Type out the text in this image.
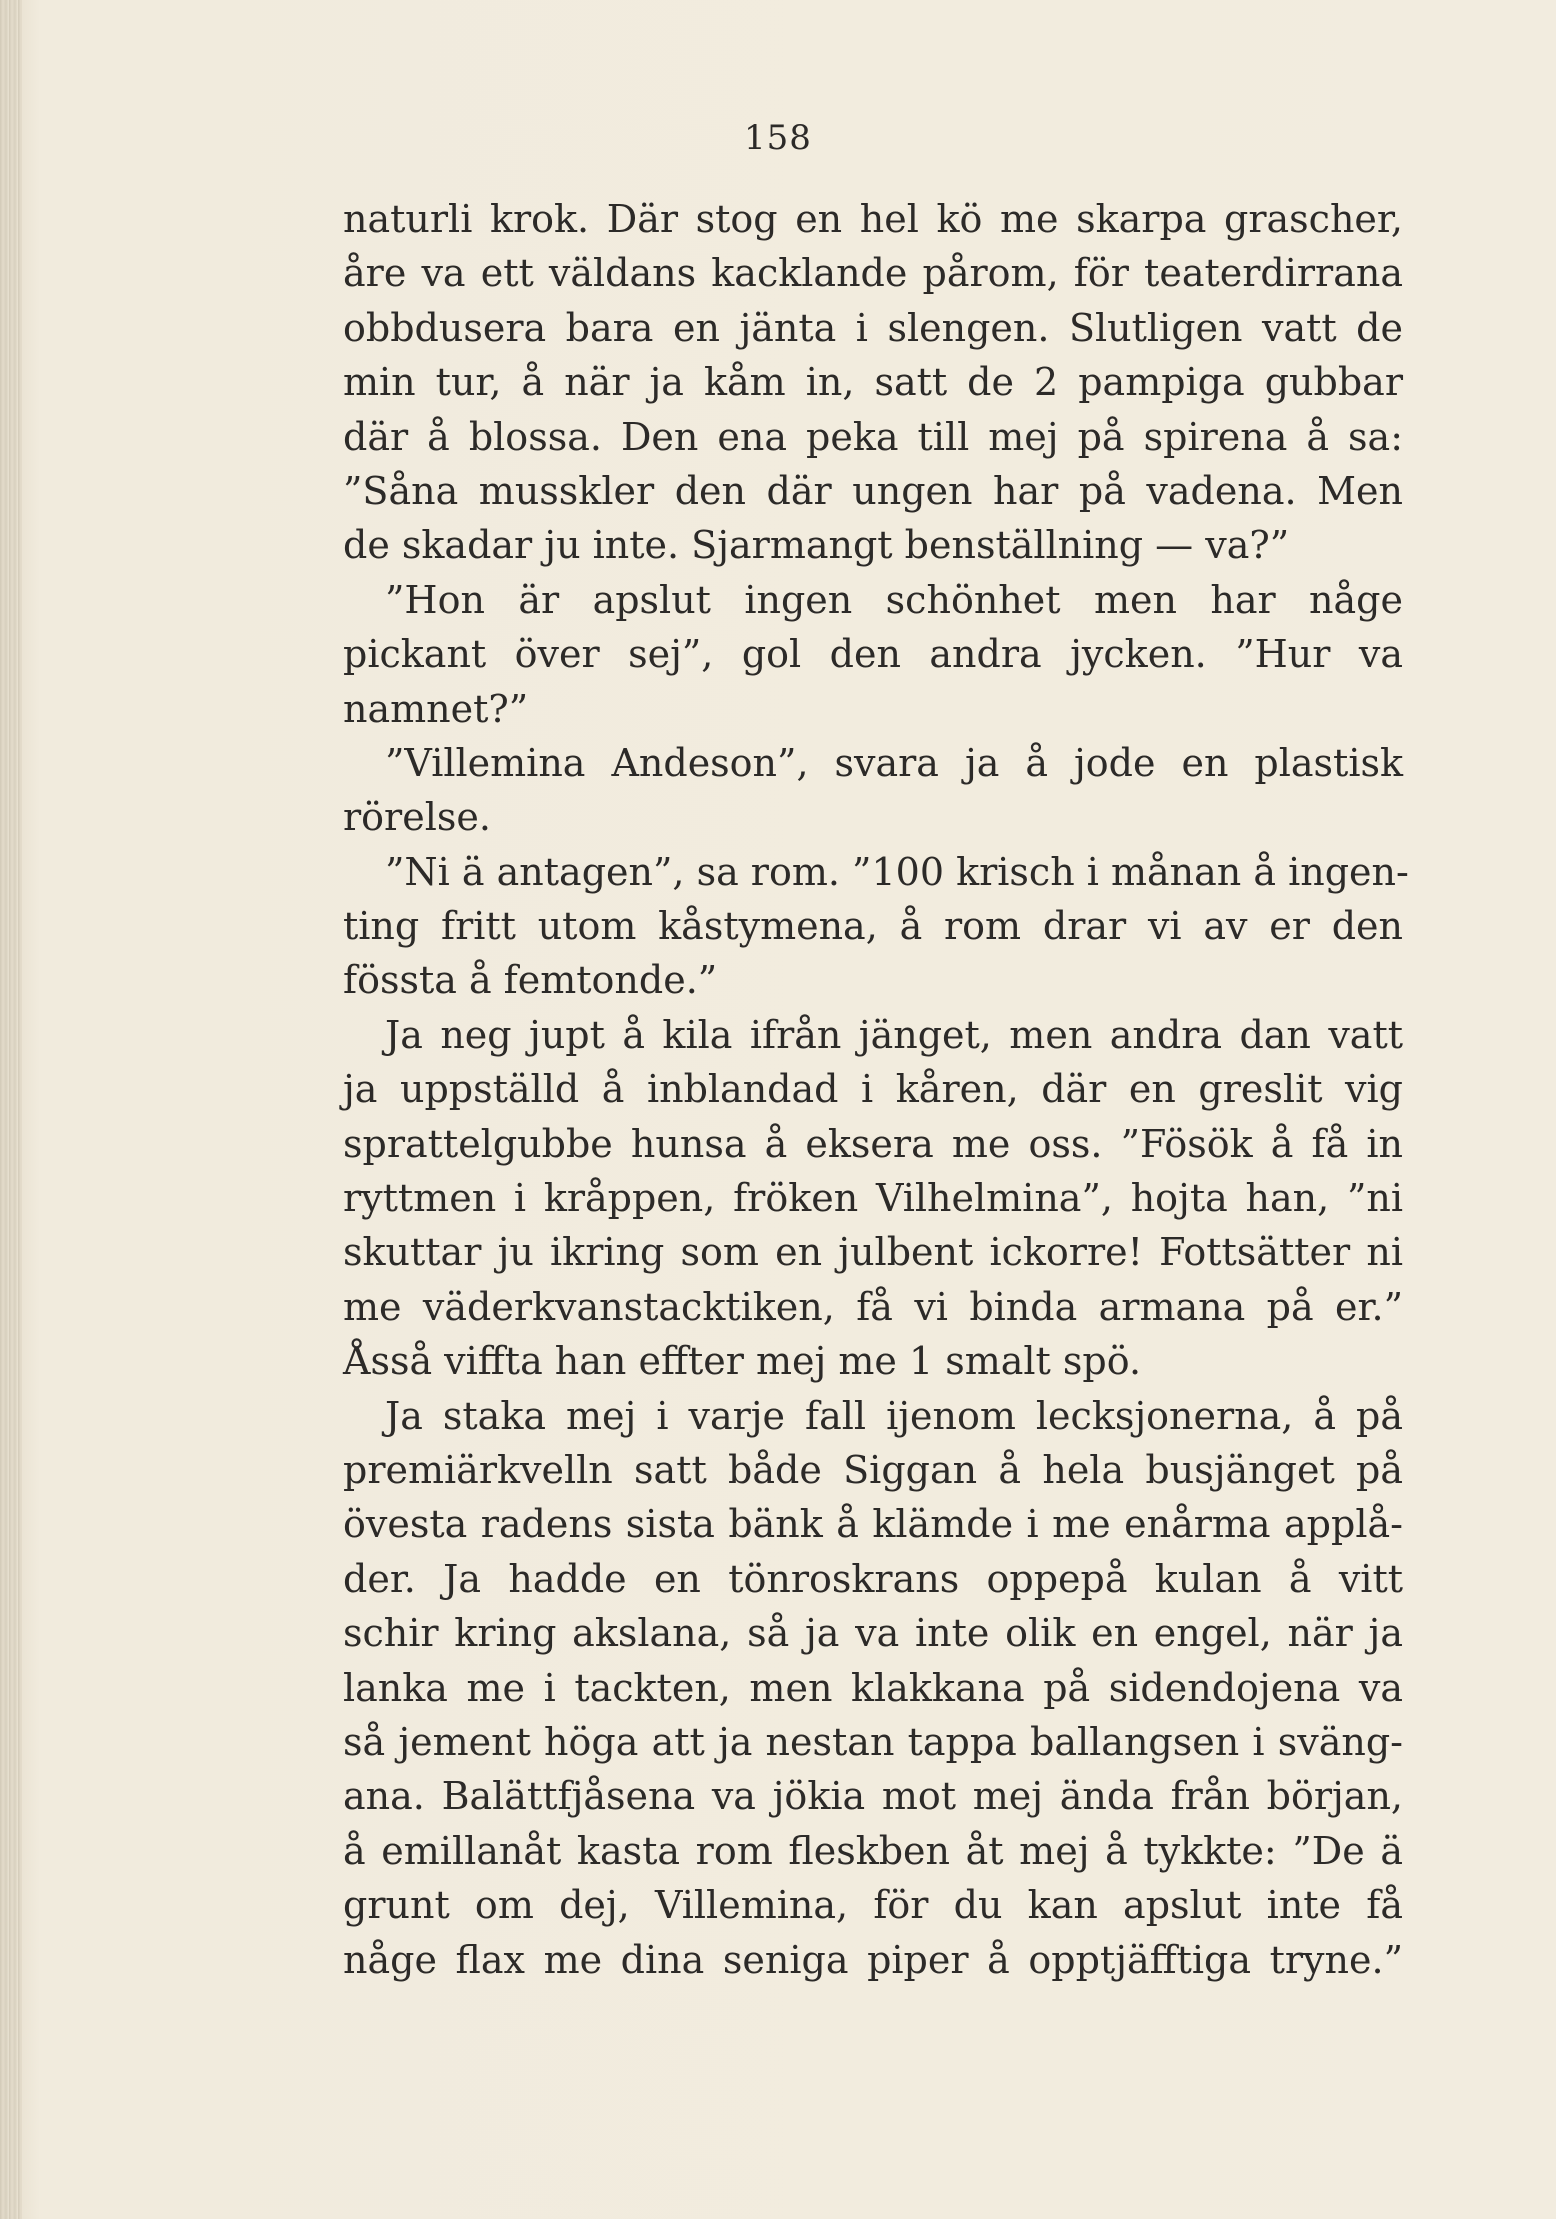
158
naturli krok. Där stog en hel kö me skarpa grascher,
åre va ett väldans kacklande pårom, för teaterdirrana
obbdusera bara en jänta i slengen. Slutligen vatt de
min tur, å när ja kåm in, satt de 2 pampiga gubbar
där å blossa. Den ena peka till mej på spirena å sa:
”Såna musskler den där ungen har på vadena. Men
de skadar ju inte. Sjarmangt benställning — va?”
”Hon är apslut ingen schönhet men har någe
pickant över sej”, gol den andra jycken. ”Hur va
namnet?”
”Villemina Andeson”, svara ja å jode en plastisk
rörelse.
”Ni ä antagen”, sa rom. ”100 krisch i månan å ingen-
ting fritt utom kåstymena, å rom drar vi av er den
fössta å femtonde.”
Ja neg jupt å kila ifrån jänget, men andra dan vatt
ja uppställd å inblandad i kåren, där en greslit vig
sprattelgubbe hunsa å eksera me oss. ”Fösök å få in
ryttmen i kråppen, fröken Vilhelmina”, hojta han, ”ni
skuttar ju ikring som en julbent ickorre! Fottsätter ni
me väderkvanstacktiken, få vi binda armana på er.”
Åsså viffta han effter mej me 1 smalt spö.
Ja staka mej i varje fall ijenom lecksjonerna, å på
premiärkvelln satt både Siggan å hela busjänget på
övesta radens sista bänk å klämde i me enårma applå-
der. Ja hadde en tönroskrans oppepå kulan å vitt
schir kring akslana, så ja va inte olik en engel, när ja
lanka me i tackten, men klakkana på sidendojena va
så jement höga att ja nestan tappa ballangsen i sväng-
ana. Balättfjåsena va jökia mot mej ända från början,
å emillanåt kasta rom fleskben åt mej å tykkte: ”De ä
grunt om dej, Villemina, för du kan apslut inte få
någe flax me dina seniga piper å opptjäfftiga tryne.”
